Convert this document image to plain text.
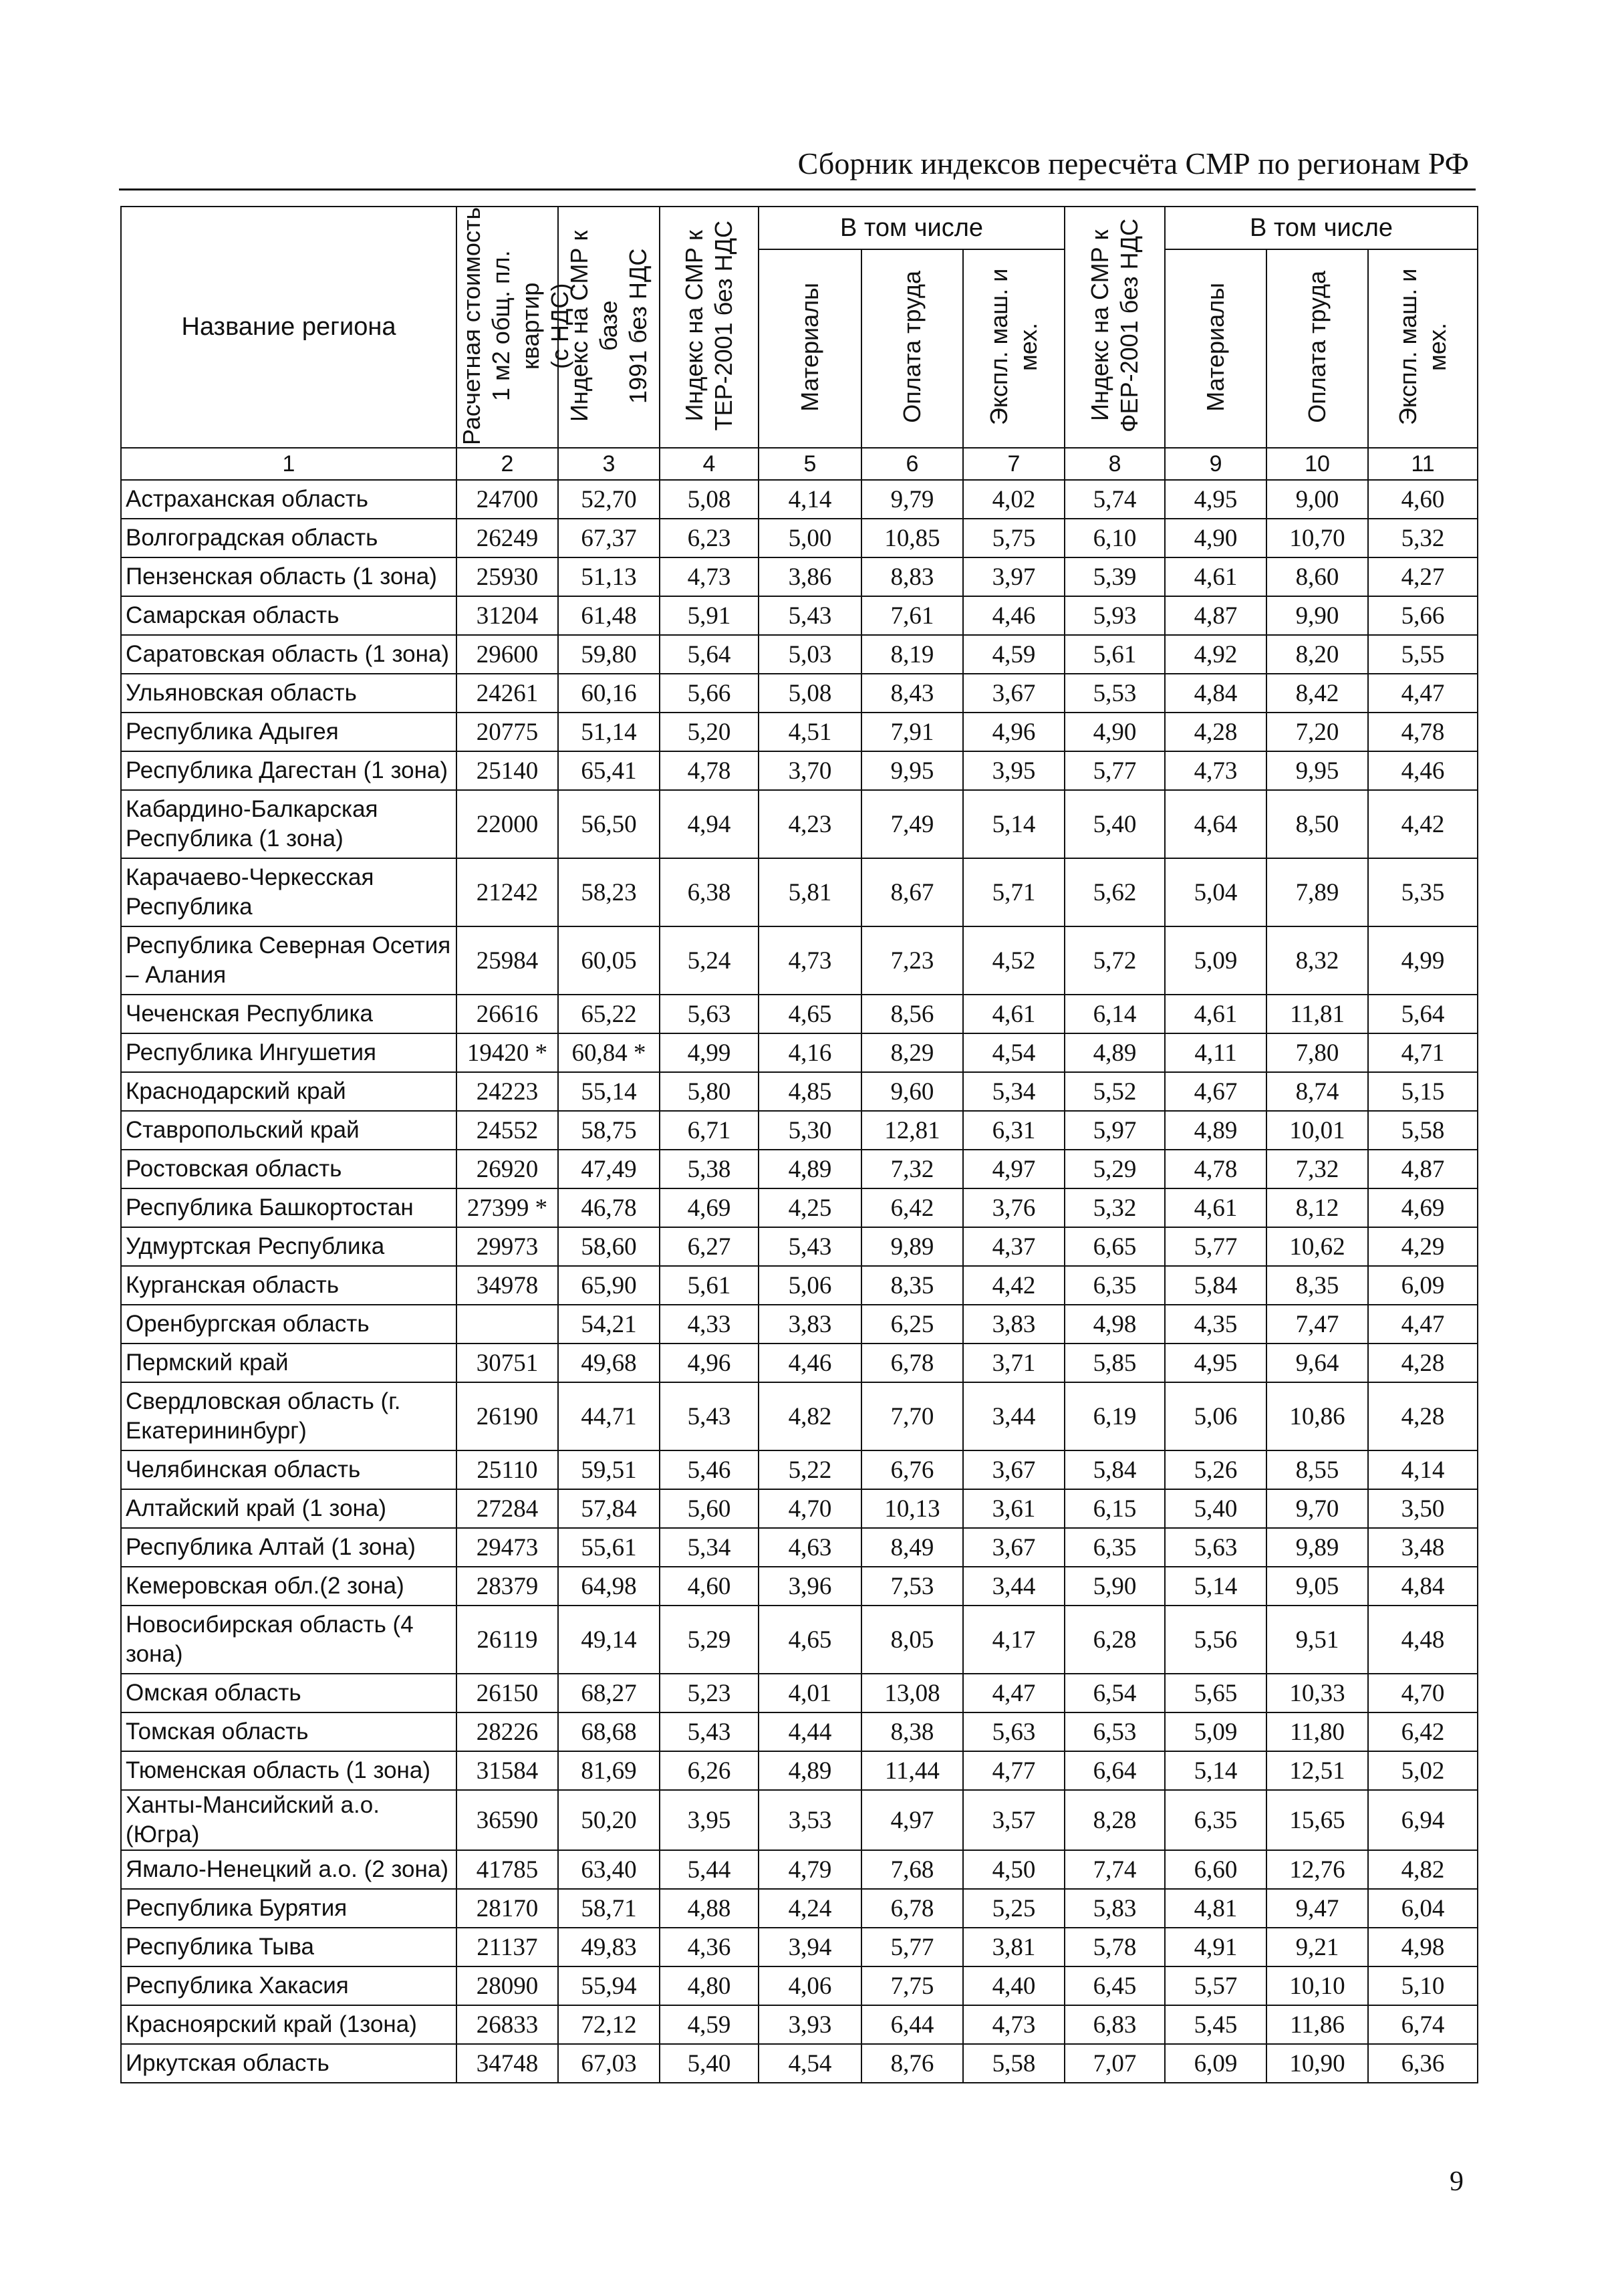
Сборник индексов пересчёта СМР по регионам РФ
Название региона	Расчетная стоимость
1 м2 общ. пл. квартир
(с НДС)	Индекс на СМР к базе
1991 без НДС	Индекс на СМР к
ТЕР-2001 без НДС	В том числе			Индекс на СМР к
ФЕР-2001 без НДС	В том числе		
				Материалы	Оплата труда	Экспл. маш. и мех.		Материалы	Оплата труда	Экспл. маш. и мех.
1	2	3	4	5	6	7	8	9	10	11
Астраханская область	24700	52,70	5,08	4,14	9,79	4,02	5,74	4,95	9,00	4,60
Волгоградская область	26249	67,37	6,23	5,00	10,85	5,75	6,10	4,90	10,70	5,32
Пензенская область (1 зона)	25930	51,13	4,73	3,86	8,83	3,97	5,39	4,61	8,60	4,27
Самарская область	31204	61,48	5,91	5,43	7,61	4,46	5,93	4,87	9,90	5,66
Саратовская область (1 зона)	29600	59,80	5,64	5,03	8,19	4,59	5,61	4,92	8,20	5,55
Ульяновская область	24261	60,16	5,66	5,08	8,43	3,67	5,53	4,84	8,42	4,47
Республика Адыгея	20775	51,14	5,20	4,51	7,91	4,96	4,90	4,28	7,20	4,78
Республика Дагестан (1 зона)	25140	65,41	4,78	3,70	9,95	3,95	5,77	4,73	9,95	4,46
Кабардино-Балкарская Республика (1 зона)	22000	56,50	4,94	4,23	7,49	5,14	5,40	4,64	8,50	4,42
Карачаево-Черкесская Республика	21242	58,23	6,38	5,81	8,67	5,71	5,62	5,04	7,89	5,35
Республика Северная Осетия – Алания	25984	60,05	5,24	4,73	7,23	4,52	5,72	5,09	8,32	4,99
Чеченская Республика	26616	65,22	5,63	4,65	8,56	4,61	6,14	4,61	11,81	5,64
Республика Ингушетия	19420 *	60,84 *	4,99	4,16	8,29	4,54	4,89	4,11	7,80	4,71
Краснодарский край	24223	55,14	5,80	4,85	9,60	5,34	5,52	4,67	8,74	5,15
Ставропольский край	24552	58,75	6,71	5,30	12,81	6,31	5,97	4,89	10,01	5,58
Ростовская область	26920	47,49	5,38	4,89	7,32	4,97	5,29	4,78	7,32	4,87
Республика Башкортостан	27399 *	46,78	4,69	4,25	6,42	3,76	5,32	4,61	8,12	4,69
Удмуртская Республика	29973	58,60	6,27	5,43	9,89	4,37	6,65	5,77	10,62	4,29
Курганская область	34978	65,90	5,61	5,06	8,35	4,42	6,35	5,84	8,35	6,09
Оренбургская область		54,21	4,33	3,83	6,25	3,83	4,98	4,35	7,47	4,47
Пермский край	30751	49,68	4,96	4,46	6,78	3,71	5,85	4,95	9,64	4,28
Свердловская область (г. Екатерининбург)	26190	44,71	5,43	4,82	7,70	3,44	6,19	5,06	10,86	4,28
Челябинская область	25110	59,51	5,46	5,22	6,76	3,67	5,84	5,26	8,55	4,14
Алтайский край (1 зона)	27284	57,84	5,60	4,70	10,13	3,61	6,15	5,40	9,70	3,50
Республика Алтай (1 зона)	29473	55,61	5,34	4,63	8,49	3,67	6,35	5,63	9,89	3,48
Кемеровская обл.(2 зона)	28379	64,98	4,60	3,96	7,53	3,44	5,90	5,14	9,05	4,84
Новосибирская область (4 зона)	26119	49,14	5,29	4,65	8,05	4,17	6,28	5,56	9,51	4,48
Омская область	26150	68,27	5,23	4,01	13,08	4,47	6,54	5,65	10,33	4,70
Томская область	28226	68,68	5,43	4,44	8,38	5,63	6,53	5,09	11,80	6,42
Тюменская область (1 зона)	31584	81,69	6,26	4,89	11,44	4,77	6,64	5,14	12,51	5,02
Ханты-Мансийский а.о. (Югра)	36590	50,20	3,95	3,53	4,97	3,57	8,28	6,35	15,65	6,94
Ямало-Ненецкий а.о. (2 зона)	41785	63,40	5,44	4,79	7,68	4,50	7,74	6,60	12,76	4,82
Республика Бурятия	28170	58,71	4,88	4,24	6,78	5,25	5,83	4,81	9,47	6,04
Республика Тыва	21137	49,83	4,36	3,94	5,77	3,81	5,78	4,91	9,21	4,98
Республика Хакасия	28090	55,94	4,80	4,06	7,75	4,40	6,45	5,57	10,10	5,10
Красноярский край (1зона)	26833	72,12	4,59	3,93	6,44	4,73	6,83	5,45	11,86	6,74
Иркутская область	34748	67,03	5,40	4,54	8,76	5,58	7,07	6,09	10,90	6,36
9
